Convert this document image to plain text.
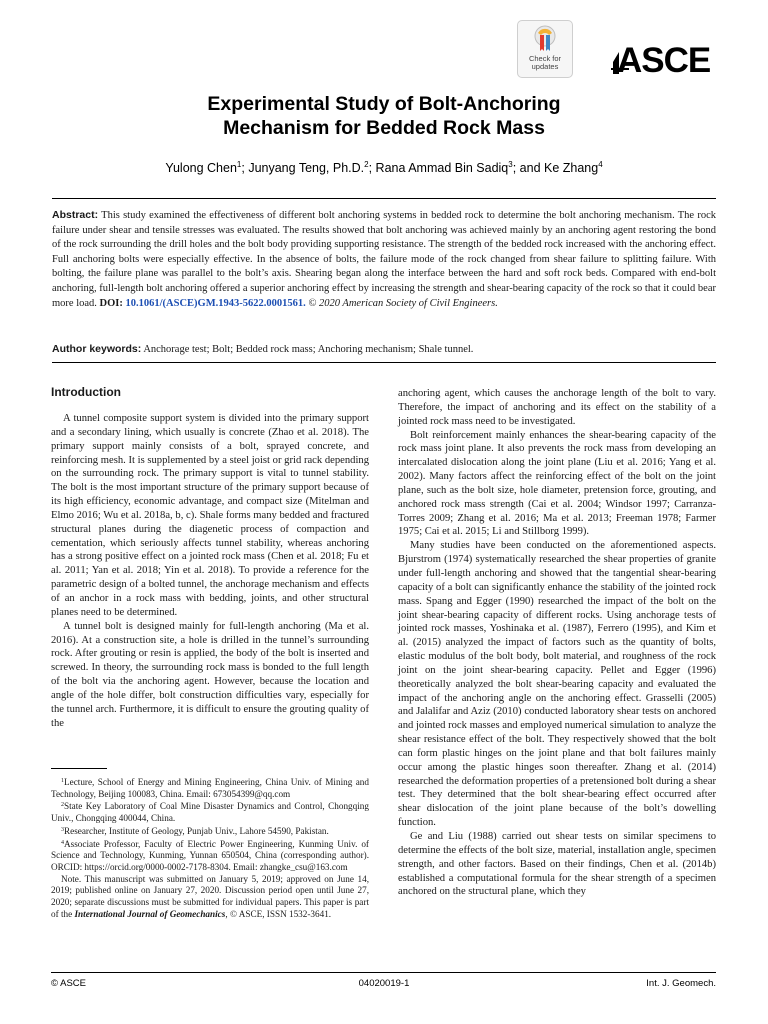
Check for
updates	ASCE
Experimental Study of Bolt-Anchoring
Mechanism for Bedded Rock Mass
Yulong Chen$^1$; Junyang Teng, Ph.D.$^2$; Rana Ammad Bin Sadiq$^3$; and Ke Zhang$^4$
Abstract: This study examined the effectiveness of different bolt anchoring systems in bedded rock to determine the bolt anchoring mechanism. The rock failure under shear and tensile stresses was evaluated. The results showed that bolt anchoring was achieved mainly by an anchoring agent restoring the bond of the rock surrounding the drill holes and the bolt body providing supporting resistance. The strength of the bedded rock increased with the anchoring effect. Full anchoring bolts were especially effective. In the absence of bolts, the failure mode of the rock changed from shear failure to splitting failure. With bolting, the failure plane was parallel to the bolt’s axis. Shearing began along the interface between the hard and soft rock beds. Compared with end-bolt anchoring, full-length bolt anchoring offered a superior anchoring effect by increasing the strength and shear-bearing capacity of the rock so that it could bear more load. DOI: 10.1061/(ASCE)GM.1943-5622.0001561. © 2020 American Society of Civil Engineers.
Author keywords: Anchorage test; Bolt; Bedded rock mass; Anchoring mechanism; Shale tunnel.
Introduction

A tunnel composite support system is divided into the primary support and a secondary lining, which usually is concrete (Zhao et al. 2018). The primary support mainly consists of a bolt, sprayed concrete, and reinforcing mesh. It is supplemented by a steel joist or grid rack depending on the surrounding rock. The primary support is vital to tunnel stability. The bolt is the most important structure of the primary support because of its high efficiency, economic advantage, and compact size (Mitelman and Elmo 2016; Wu et al. 2018a, b, c). Shale forms many bedded and fractured structural planes during the diagenetic process of compaction and cementation, which seriously affects tunnel stability, whereas anchoring has a strong positive effect on a jointed rock mass (Chen et al. 2018; Fu et al. 2011; Yan et al. 2018; Yin et al. 2018). To provide a reference for the parametric design of a bolted tunnel, the anchorage mechanism and effects of an anchor in a rock mass with bedding, joints, and other structural planes need to be determined.

A tunnel bolt is designed mainly for full-length anchoring (Ma et al. 2016). At a construction site, a hole is drilled in the tunnel’s surrounding rock. After grouting or resin is applied, the body of the bolt is inserted and screwed. In theory, the surrounding rock mass is bonded to the full length of the bolt via the anchoring agent. However, because the location and angle of the hole differ, bolt construction difficulties vary, especially for the tunnel arch. Furthermore, it is difficult to ensure the grouting quality of the

anchoring agent, which causes the anchorage length of the bolt to vary. Therefore, the impact of anchoring and its effect on the stability of a jointed rock mass need to be investigated.

Bolt reinforcement mainly enhances the shear-bearing capacity of the rock mass joint plane. It also prevents the rock mass from developing an intercalated dislocation along the joint plane (Liu et al. 2016; Yang et al. 2002). Many factors affect the reinforcing effect of the bolt on the joint plane, such as the bolt size, hole diameter, pretension force, grouting, and anchored rock mass strength (Cai et al. 2004; Windsor 1997; Carranza-Torres 2009; Zhang et al. 2016; Ma et al. 2013; Freeman 1978; Farmer 1975; Cai et al. 2015; Li and Stillborg 1999).

Many studies have been conducted on the aforementioned aspects. Bjurstrom (1974) systematically researched the shear properties of granite under full-length anchoring and showed that the tangential shear-bearing capacity of a bolt can significantly enhance the stability of the jointed rock mass. Spang and Egger (1990) researched the impact of the bolt on the joint shear-bearing capacity of different rocks. Using anchorage tests of jointed rock masses, Yoshinaka et al. (1987), Ferrero (1995), and Kim et al. (2015) analyzed the impact of factors such as the quantity of bolts, elastic modulus of the bolt body, bolt material, and roughness of the rock joint on the joint shear-bearing capacity. Pellet and Egger (1996) theoretically analyzed the bolt shear-bearing capacity and evaluated the impact of the anchoring angle on the anchoring effect. Grasselli (2005) and Jalalifar and Aziz (2010) conducted laboratory shear tests on anchored and jointed rock masses and employed numerical simulation to analyze the shear resistance effect of the bolt. They respectively showed that the bolt can form plastic hinges on the joint plane and that bolt failures mainly occur among the plastic hinges soon thereafter. Zhang et al. (2014) researched the deformation properties of a pretensioned bolt during a shear test. They determined that the bolt shear-bearing effect occurred after shear dislocation of the joint plane because of the bolt’s dowelling function.

Ge and Liu (1988) carried out shear tests on similar specimens to determine the effects of the bolt size, material, installation angle, specimen strength, and other factors. Based on their findings, Chen et al. (2014b) established a computational formula for the shear strength of a specimen anchored on the structural plane, which they

$^1$Lecture, School of Energy and Mining Engineering, China Univ. of Mining and Technology, Beijing 100083, China. Email: 673054399@qq.com

$^2$State Key Laboratory of Coal Mine Disaster Dynamics and Control, Chongqing Univ., Chongqing 400044, China.

$^3$Researcher, Institute of Geology, Punjab Univ., Lahore 54590, Pakistan.

$^4$Associate Professor, Faculty of Electric Power Engineering, Kunming Univ. of Science and Technology, Kunming, Yunnan 650504, China (corresponding author). ORCID: https://orcid.org/0000-0002-7178-8304. Email: zhangke_csu@163.com

Note. This manuscript was submitted on January 5, 2019; approved on June 14, 2019; published online on January 27, 2020. Discussion period open until June 27, 2020; separate discussions must be submitted for individual papers. This paper is part of the International Journal of Geomechanics, © ASCE, ISSN 1532-3641.

© ASCE	04020019-1	Int. J. Geomech.
